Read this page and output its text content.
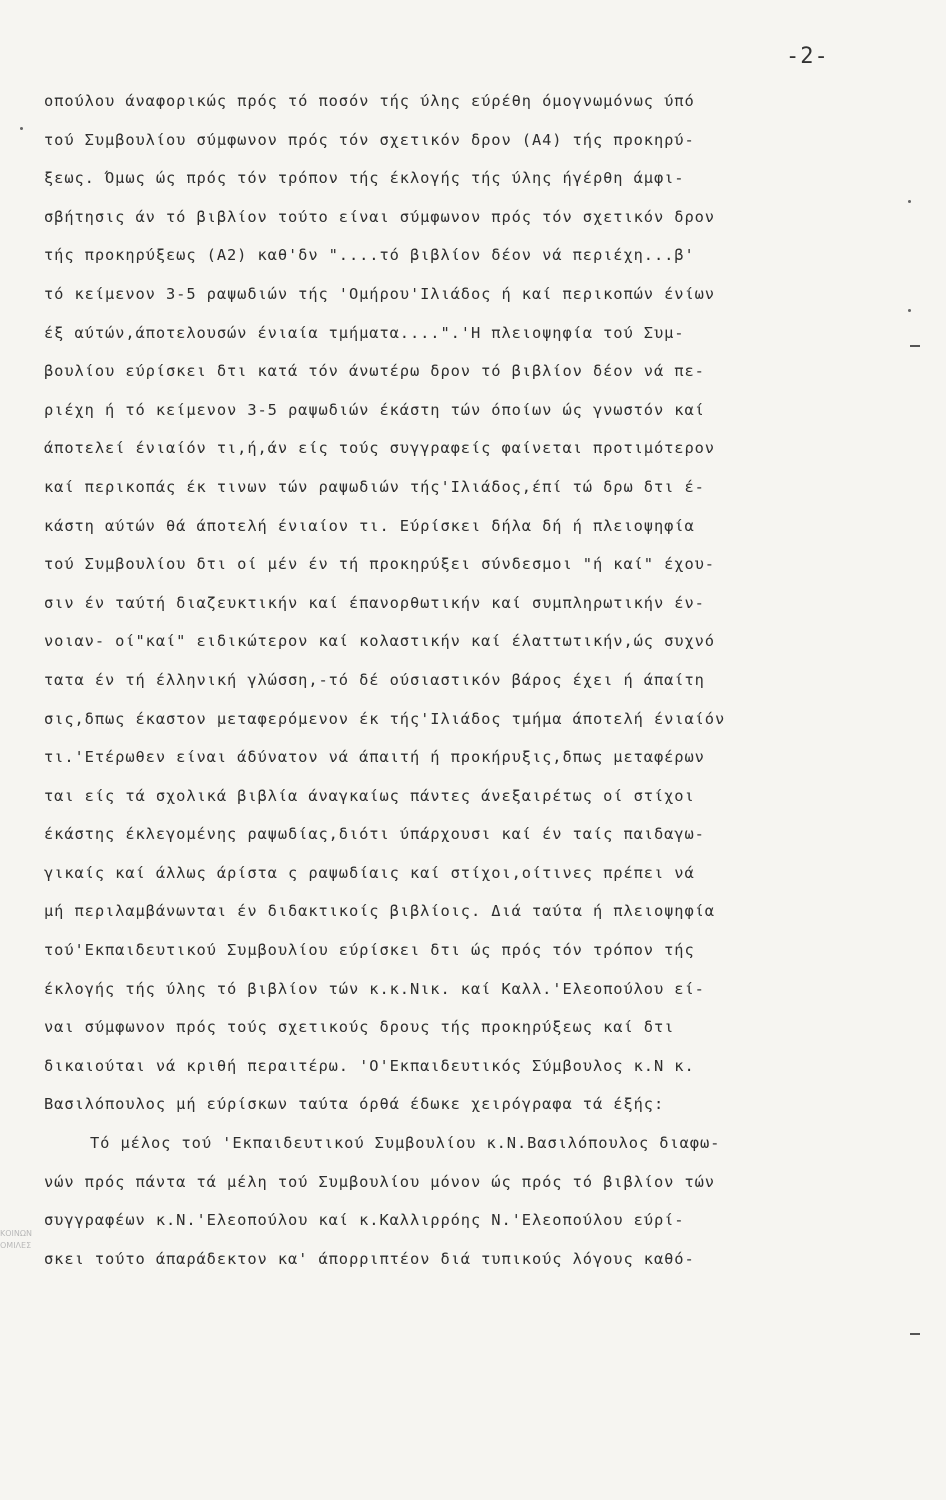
-2-
οπούλου άναφορικώς πρός τό ποσόν τής ύλης εύρέθη όμογνωμόνως ύπό
τού Συμβουλίου σύμφωνον πρός τόν σχετικόν δρον (Α4) τής προκηρύ-
ξεως. Όμως ώς πρός τόν τρόπον τής έκλογής τής ύλης ήγέρθη άμφι-
σβήτησις άν τό βιβλίον τούτο είναι σύμφωνον πρός τόν σχετικόν δρον
τής προκηρύξεως (Α2) καθ'δν "....τό βιβλίον δέον νά περιέχη...β'
τό κείμενον 3-5 ραψωδιών τής 'Ομήρου'Ιλιάδος ή καί περικοπών ένίων
έξ αύτών,άποτελουσών ένιαία τμήματα....".'Η πλειοψηφία τού Συμ-
βουλίου εύρίσκει δτι κατά τόν άνωτέρω δρον τό βιβλίον δέον νά πε-
ριέχη ή τό κείμενον 3-5 ραψωδιών έκάστη τών όποίων ώς γνωστόν καί
άποτελεί ένιαίόν τι,ή,άν είς τούς συγγραφείς φαίνεται προτιμότερον
καί περικοπάς έκ τινων τών ραψωδιών τής'Ιλιάδος,έπί τώ δρω δτι έ-
κάστη αύτών θά άποτελή ένιαίον τι. Εύρίσκει δήλα δή ή πλειοψηφία
τού Συμβουλίου δτι οί μέν έν τή προκηρύξει σύνδεσμοι "ή καί" έχου-
σιν έν ταύτή διαζευκτικήν καί έπανορθωτικήν καί συμπληρωτικήν έν-
νοιαν- οί"καί" ειδικώτερον καί κολαστικήν καί έλαττωτικήν,ώς συχνό
τατα έν τή έλληνική γλώσση,-τό δέ ούσιαστικόν βάρος έχει ή άπαίτη
σις,δπως έκαστον μεταφερόμενον έκ τής'Ιλιάδος τμήμα άποτελή ένιαίόν
τι.'Ετέρωθεν είναι άδύνατον νά άπαιτή ή προκήρυξις,δπως μεταφέρων
ται είς τά σχολικά βιβλία άναγκαίως πάντες άνεξαιρέτως οί στίχοι
έκάστης έκλεγομένης ραψωδίας,διότι ύπάρχουσι καί έν ταίς παιδαγω-
γικαίς καί άλλως άρίστα ς ραψωδίαις καί στίχοι,οίτινες πρέπει νά
μή περιλαμβάνωνται έν διδακτικοίς βιβλίοις. Διά ταύτα ή πλειοψηφία
τού'Εκπαιδευτικού Συμβουλίου εύρίσκει δτι ώς πρός τόν τρόπον τής
έκλογής τής ύλης τό βιβλίον τών κ.κ.Νικ. καί Καλλ.'Ελεοπούλου εί-
ναι σύμφωνον πρός τούς σχετικούς δρους τής προκηρύξεως καί δτι
δικαιούται νά κριθή περαιτέρω. 'Ο'Εκπαιδευτικός Σύμβουλος κ.Ν κ.
Βασιλόπουλος μή εύρίσκων ταύτα όρθά έδωκε χειρόγραφα τά έξής:
Τό μέλος τού 'Εκπαιδευτικού Συμβουλίου κ.Ν.Βασιλόπουλος διαφω-
νών πρός πάντα τά μέλη τού Συμβουλίου μόνον ώς πρός τό βιβλίον τών
συγγραφέων κ.Ν.'Ελεοπούλου καί κ.Καλλιρρόης Ν.'Ελεοπούλου εύρί-
σκει τούτο άπαράδεκτον κα' άπορριπτέον διά τυπικούς λόγους καθό-
ΚΟΙΝΩΝ ΟΜΙΛΕΣ
